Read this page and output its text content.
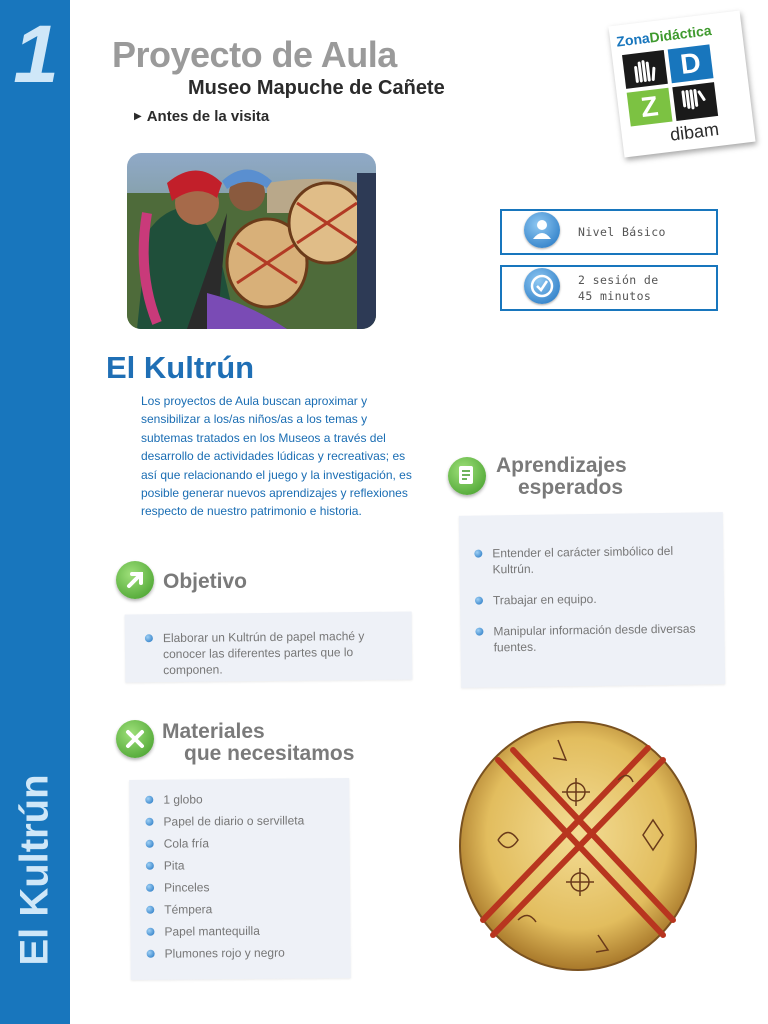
1
El Kultrún
Proyecto de Aula
Museo Mapuche de Cañete
▶ Antes de la visita
ZonaDidáctica
D
Z
dibam
Nivel Básico
2 sesión de
45 minutos
El Kultrún
Los proyectos de Aula buscan aproximar y sensibilizar a los/as niños/as a los temas y subtemas tratados en los Museos a través del desarrollo de actividades lúdicas y recreativas; es así que relacionando el juego y la investigación, es posible generar nuevos aprendizajes y reflexiones respecto de nuestro patrimonio e historia.
Objetivo
Elaborar un Kultrún de papel maché y conocer las diferentes partes que lo componen.
Aprendizajes
esperados
Entender el carácter simbólico del Kultrún.
Trabajar en equipo.
Manipular información desde diversas fuentes.
Materiales
que necesitamos
1 globo
Papel de diario o servilleta
Cola fría
Pita
Pinceles
Témpera
Papel mantequilla
Plumones rojo y negro
